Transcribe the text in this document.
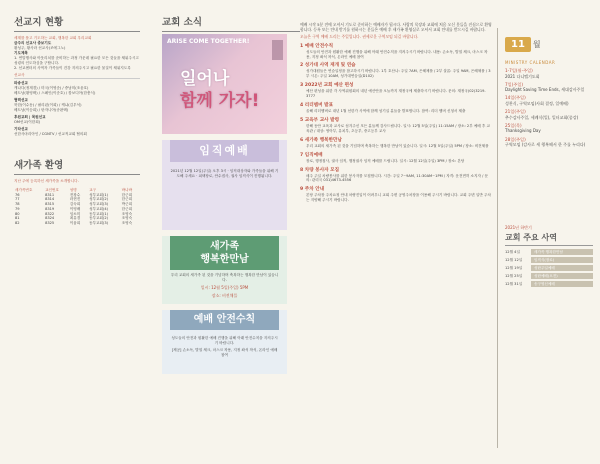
선교지 현황
세계를 품고 기도하는 교회, 행복한 교회 우리교회
금주의 선교사 중보기도
황성주, 황사라 선교사(조에그노)
기도제목
1. 연말행사와 아웃리치를 준비하는 과정 가운데 필요한 모든 것들을 채워주시고 성령의 인도하심을 구합니다.
2. 선교센터의 사역자 가족들이 건강 지켜주시고 필요한 물질이 채워지도록
선교사
파송선교
캐나다(정재경) / 미국(이영준) / 중남미(조윤호)
베트남(황영택) / 스페인(이준호) / 캄보디아(한충식)
협력선교
북한(이수동) / 필리핀(이희) / 케냐(김우석)
베트남(이승희) / 탄자니아(송완택)
후원교회 | 목원선교
OM선교(이한희)
기타선교
선한사마리아인 / CGNTV / 선교적교회 협의회
새가족 환영
지난 주에 등록하신 새가족을 소개합니다.
새가족번호	교인번호	성명	교구	바나바
76	8311	전창수	성부교회(1)	한근희
77	8314	라현진	성부교회(2)	한근희
78	8315	김숙희	성부교회(3)	박근희
79	8319	이영배	성부교회(4)	한근희
80	8322	임소미	동부교회(1)	조영숙
81	8324	최유경	동부교회(2)	조영숙
82	8325	이융희	동부교회(3)	조영숙
교회 소식
ARISE COME TOGETHER!
일어나
함께 가자!
임직예배
2021년 12월 12일(주일) 오후 3시 · 임직대상자와 가족들을 위해 기도해 주세요 · 피택장로, 안수집사, 권사 임직식이 진행됩니다.
새가족
행복한만남
우리 교회의 새가족 된 것을 기념하며 축복하는 행복한 만남이 있습니다.
일시: 12월 5일(주일) 5PM
장소: 비전채플
예배 안전수칙
성도들의 안전과 원활한 예배 진행을 위해 아래 안전수칙을 지켜주시기 바랍니다.
[제공] 손소독, 발열 체크, 마스크 착용, 지정 좌석 착석, 온라인 예배 참여
예배 시작 5분 전에 오셔서 기도로 준비하는 예배자가 됩시다. 사랑의 목장과 교회에 처음 오신 분들을 진심으로 환영합니다. 등록 또는 안내 받기를 원하시는 분들은 예배 후 새가족 환영실로 오셔서 교회 안내를 받으시길 바랍니다.
오늘은 구역 예배 드리는 주일입니다. 권세로운 구역모임 되길 바랍니다.
1 예배 안전수칙
성도들의 안전과 원활한 예배 진행을 위해 아래 안전수칙을 지켜주시기 바랍니다. 내용: 손소독, 발열 체크, 마스크 착용, 지정 좌석 착석, 온라인 예배 참여
2 성가대 사역 재개 및 연습
성가대원들은 연습일정을 참고하시기 바랍니다. 1부 호산나: 주일 7AM, 은혜채플 / 2부 샬롬: 주일 9AM, 은혜채플 / 3부 시온: 주일 10AM, 성가대연습실(D102)
3 2022년 교회 예산 편성
예산 편성을 위한 각 사역위원회의 내년 예산안을 오늘까지 재정국에 제출하시기 바랍니다. 문의: 재정국(02)3219-3777
4 리더멤버 발표
올해 리더멤버로 내년 1월 선한가 사역에 함께 섬기실 분들을 발표합니다. 참여: 리더 멤버 신청서 제출
5 교육부 교사 발령
한해 동안 교육과 교사로 섬겨주신 모든 분들께 감사드립니다. 일시: 12월 5일(주일) 11:15AM / 장소: 2부 예배 후 교육관 / 대상: 영아부, 유치부, 초등부, 중고등부 교사
6 새가족 행복한만남
우리 교회의 새가족 된 것을 기념하며 축복하는 행복한 만남이 있습니다. 일시: 12월 5일(주일) 5PM / 장소: 비전채플
7 임직예배
장로, 행정집사, 권사 임직, 행정권사 임직 예배를 드립니다. 일시: 12월 12일(주일) 3PM / 장소: 본당
8 차량 봉사자 모집
매주 주일 차량봉사를 위한 봉사자를 모집합니다. 시간: 주일 7~9AM, 11:30AM~1PM / 자격: 운전면허 소지자 / 문의: 관리국 031)4673-4556
9 주차 안내
본당 주차장 주차요청 안내 차량진입이 어려우니 교회 주변 공영주차장을 이용해 주시기 바랍니다. 교회 주변 일반 주차는 지양해 주시기 바랍니다.
11 월
MINISTRY CALENDAR
1-7일(월-주일)
2021 다니엘기도회
7일(주일)
Daylight Saving Time Ends, 세대감사주일
14일(주일)
성찬식, 구역모임(사회 결정, 일예배)
21일(주일)
추수감사주일, 세례식(일), 일터교회(종강)
25일(목)
Thanksgiving Day
28일(주일)
구역모임 (감사로 세 행복해서 한 주를 누리다)
2021년 하반기
교회 주요 사역
12월 4일	새가족 행복한만남
12월 12일	임직식(장로)
12월 19일	성탄주일예배
12월 25일	성탄예배(오전)
12월 31일	송구영신예배
